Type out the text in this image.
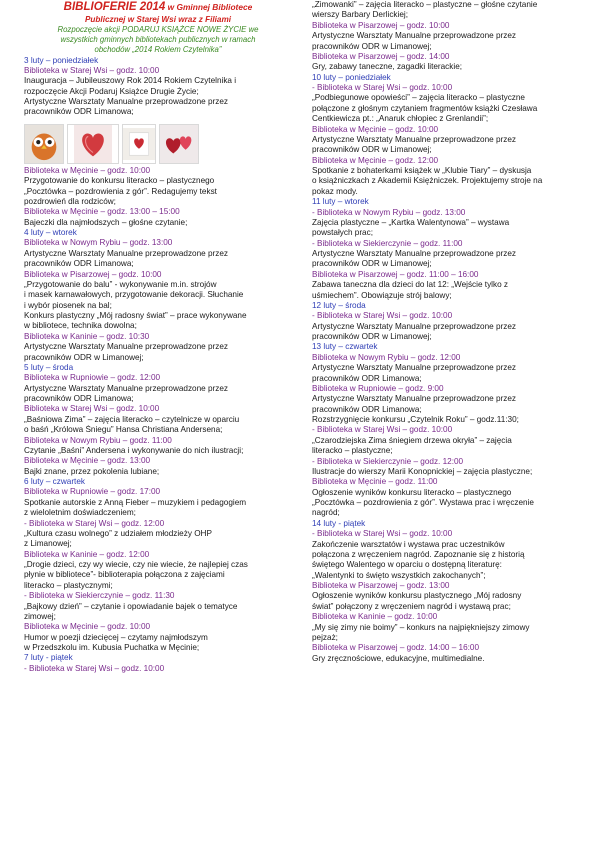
BIBLIOFERIE 2014 w Gminnej Bibliotece
Publicznej w Starej Wsi wraz z Filiami
Rozpoczęcie akcji PODARUJ KSIĄŻCE NOWE ŻYCIE we
wszystkich gminnych bibliotekach publicznych w ramach
obchodów „2014 Rokiem Czytelnika”
3 luty – poniedziałek
Biblioteka w Starej Wsi – godz. 10:00
Inauguracja – Jubileuszowy Rok 2014 Rokiem Czytelnika i
rozpoczęcie Akcji Podaruj Książce Drugie Życie;
Artystyczne Warsztaty Manualne przeprowadzone przez
pracowników ODR Limanowa;
Biblioteka w Męcinie – godz. 10:00
Przygotowanie do konkursu literacko – plastycznego
„Pocztówka – pozdrowienia z gór”. Redagujemy tekst
pozdrowień dla rodziców;
Biblioteka w Męcinie – godz. 13:00 – 15:00
Bajeczki dla najmłodszych – głośne czytanie;
4 luty – wtorek
Biblioteka w Nowym Rybiu – godz. 13:00
Artystyczne Warsztaty Manualne przeprowadzone przez
pracowników ODR Limanowa;
Biblioteka w Pisarzowej – godz. 10:00
„Przygotowanie do balu” - wykonywanie m.in. strojów
i masek karnawałowych, przygotowanie dekoracji. Słuchanie
i wybór piosenek na bal;
Konkurs plastyczny „Mój radosny świat” – prace wykonywane
w bibliotece, technika dowolna;
Biblioteka w Kaninie – godz. 10:30
Artystyczne Warsztaty Manualne przeprowadzone przez
pracowników ODR w Limanowej;
5 luty – środa
Biblioteka w Rupniowie – godz. 12:00
Artystyczne Warsztaty Manualne przeprowadzone przez
pracowników ODR Limanowa;
Biblioteka w Starej Wsi – godz. 10:00
„Baśniowa Zima” – zajęcia literacko – czytelnicze w oparciu
o baśń „Królowa Śniegu” Hansa Christiana Andersena;
Biblioteka w Nowym Rybiu – godz. 11:00
Czytanie „Baśni” Andersena i wykonywanie do nich ilustracji;
Biblioteka w Męcinie – godz. 13:00
Bajki znane, przez pokolenia lubiane;
6 luty – czwartek
Biblioteka w Rupniowie – godz. 17:00
Spotkanie autorskie z Anną Fieber – muzykiem i pedagogiem
z wieloletnim doświadczeniem;
- Biblioteka w Starej Wsi – godz. 12:00
„Kultura czasu wolnego” z udziałem młodzieży OHP
z Limanowej;
Biblioteka w Kaninie – godz. 12:00
„Drogie dzieci, czy wy wiecie, czy nie wiecie, że najlepiej czas
płynie w bibliotece”- biblioterapia połączona z zajęciami
literacko – plastycznymi;
- Biblioteka w Siekierczynie – godz. 11:30
„Bajkowy dzień” – czytanie i opowiadanie bajek o tematyce
zimowej;
Biblioteka w Męcinie – godz. 10:00
Humor w poezji dziecięcej – czytamy najmłodszym
w Przedszkolu im. Kubusia Puchatka w Męcinie;
7 luty - piątek
- Biblioteka w Starej Wsi – godz. 10:00
„Zimowanki” – zajęcia literacko – plastyczne – głośne czytanie
wierszy Barbary Derlickiej;
Biblioteka w Pisarzowej – godz. 10:00
Artystyczne Warsztaty Manualne przeprowadzone przez
pracowników ODR w Limanowej;
Biblioteka w Pisarzowej – godz. 14:00
Gry, zabawy taneczne, zagadki literackie;
10 luty – poniedziałek
- Biblioteka w Starej Wsi – godz. 10:00
„Podbiegunowe opowieści” – zajęcia literacko – plastyczne
połączone z głośnym czytaniem fragmentów książki Czesława
Centkiewicza pt.: „Anaruk chłopiec z Grenlandii”;
Biblioteka w Męcinie – godz. 10:00
Artystyczne Warsztaty Manualne przeprowadzone przez
pracowników ODR w Limanowej;
Biblioteka w Męcinie – godz. 12:00
Spotkanie z bohaterkami książek w „Klubie Tiary” – dyskusja
o książniczkach z Akademii Księżniczek. Projektujemy stroje na
pokaz mody.
11 luty – wtorek
- Biblioteka w Nowym Rybiu – godz. 13:00
Zajęcia plastyczne – „Kartka Walentynowa” – wystawa
powstałych prac;
- Biblioteka w Siekierczynie – godz. 11:00
Artystyczne Warsztaty Manualne przeprowadzone przez
pracowników ODR w Limanowej;
Biblioteka w Pisarzowej – godz. 11:00 – 16:00
Zabawa taneczna dla dzieci do lat 12: „Wejście tylko z
uśmiechem”. Obowiązuje strój balowy;
12 luty – środa
- Biblioteka w Starej Wsi – godz. 10:00
Artystyczne Warsztaty Manualne przeprowadzone przez
pracowników ODR w Limanowej;
13 luty – czwartek
Biblioteka w Nowym Rybiu – godz. 12:00
Artystyczne Warsztaty Manualne przeprowadzone przez
pracowników ODR Limanowa;
Biblioteka w Rupniowie – godz. 9:00
Artystyczne Warsztaty Manualne przeprowadzone przez
pracowników ODR Limanowa;
Rozstrzygnięcie konkursu „Czytelnik Roku” – godz.11:30;
- Biblioteka w Starej Wsi – godz. 10:00
„Czarodziejska Zima śniegiem drzewa okryła” – zajęcia
literacko – plastyczne;
- Biblioteka w Siekierczynie – godz. 12:00
Ilustracje do wierszy Marii Konopnickiej – zajęcia plastyczne;
Biblioteka w Męcinie – godz. 11:00
Ogłoszenie wyników konkursu literacko – plastycznego
„Pocztówka – pozdrowienia z gór”. Wystawa prac i wręczenie
nagród;
14 luty - piątek
- Biblioteka w Starej Wsi – godz. 10:00
Zakończenie warsztatów i wystawa prac uczestników
połączona z wręczeniem nagród. Zapoznanie się z historią
świętego Walentego w oparciu o dostępną literaturę:
„Walentynki to święto wszystkich zakochanych”;
Biblioteka w Pisarzowej – godz. 13:00
Ogłoszenie wyników konkursu plastycznego „Mój radosny
świat” połączony z wręczeniem nagród i wystawą prac;
Biblioteka w Kaninie – godz. 10:00
„My się zimy nie boimy” – konkurs na najpiękniejszy zimowy
pejzaż;
Biblioteka w Pisarzowej – godz. 14:00 – 16:00
Gry zręcznościowe, edukacyjne, multimedialne.
